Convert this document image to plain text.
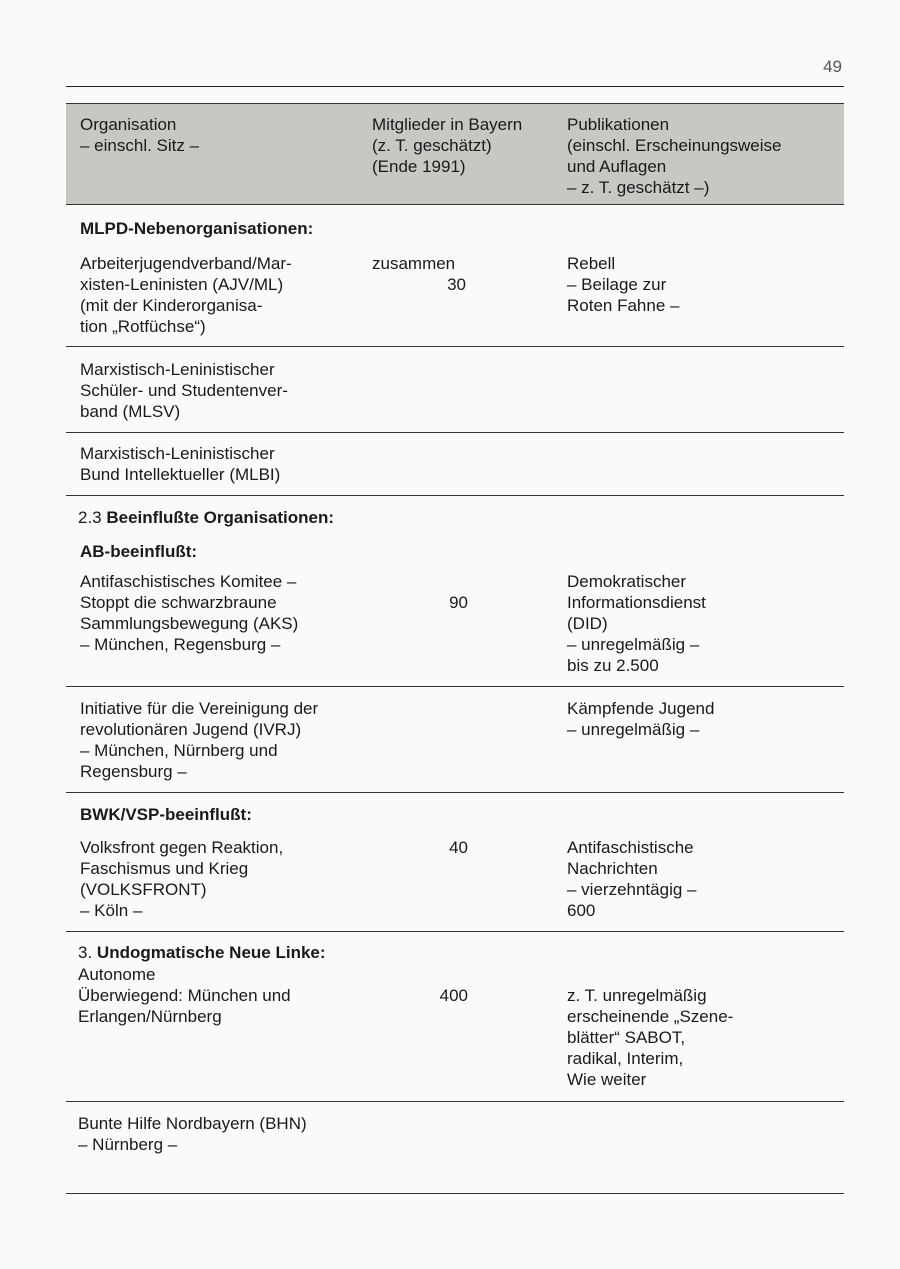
49
Organisation
– einschl. Sitz –
Mitglieder in Bayern
(z. T. geschätzt)
(Ende 1991)
Publikationen
(einschl. Erscheinungsweise
und Auflagen
– z. T. geschätzt –)
MLPD-Nebenorganisationen:
Arbeiterjugendverband/Mar-
xisten-Leninisten (AJV/ML)
(mit der Kinderorganisa-
tion „Rotfüchse“)
zusammen
30
Rebell
– Beilage zur
Roten Fahne –
Marxistisch-Leninistischer
Schüler- und Studentenver-
band (MLSV)
Marxistisch-Leninistischer
Bund Intellektueller (MLBI)
2.3 Beeinflußte Organisationen:
AB-beeinflußt:
Antifaschistisches Komitee –
Stoppt die schwarzbraune
Sammlungsbewegung (AKS)
– München, Regensburg –
90
Demokratischer
Informationsdienst
(DID)
– unregelmäßig –
bis zu 2.500
Initiative für die Vereinigung der
revolutionären Jugend (IVRJ)
– München, Nürnberg und
Regensburg –
Kämpfende Jugend
– unregelmäßig –
BWK/VSP-beeinflußt:
Volksfront gegen Reaktion,
Faschismus und Krieg
(VOLKSFRONT)
– Köln –
40	Antifaschistische
Nachrichten
– vierzehntägig –
600
3. Undogmatische Neue Linke:
Autonome
Überwiegend: München und
Erlangen/Nürnberg
400	z. T. unregelmäßig
erscheinende „Szene-
blätter“ SABOT,
radikal, Interim,
Wie weiter
Bunte Hilfe Nordbayern (BHN)
– Nürnberg –
